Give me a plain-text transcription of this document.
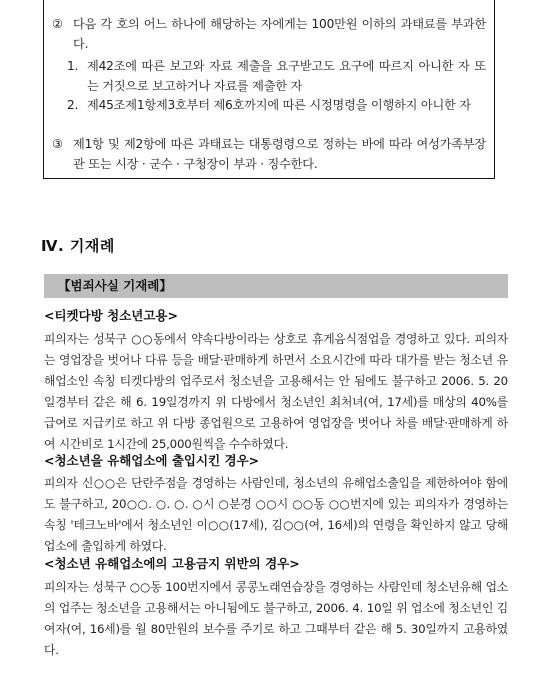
② 다음 각 호의 어느 하나에 해당하는 자에게는 100만원 이하의 과태료를 부과한다.
1. 제42조에 따른 보고와 자료 제출을 요구받고도 요구에 따르지 아니한 자 또는 거짓으로 보고하거나 자료를 제출한 자
2. 제45조제1항제3호부터 제6호까지에 따른 시정명령을 이행하지 아니한 자
③ 제1항 및 제2항에 따른 과태료는 대통령령으로 정하는 바에 따라 여성가족부장관 또는 시장 · 군수 · 구청장이 부과 · 징수한다.
Ⅳ. 기재례
【범죄사실 기재례】
<티켓다방 청소년고용>

피의자는 성북구 ○○동에서 약속다방이라는 상호로 휴게음식점업을 경영하고 있다. 피의자는 영업장을 벗어나 다류 등을 배달·판매하게 하면서 소요시간에 따라 대가를 받는 청소년 유해업소인 속칭 티켓다방의 업주로서 청소년을 고용해서는 안 됨에도 불구하고 2006. 5. 20일경부터 같은 해 6. 19일경까지 위 다방에서 청소년인 최처녀(여, 17세)를 매상의 40%를 급여로 지급키로 하고 위 다방 종업원으로 고용하여 영업장을 벗어나 차를 배달·판매하게 하여 시간비로 1시간에 25,000원씩을 수수하였다.

<청소년을 유해업소에 출입시킨 경우>

피의자 신○○은 단란주점을 경영하는 사람인데, 청소년의 유해업소출입을 제한하여야 함에도 불구하고, 20○○. ○. ○. ○시 ○분경 ○○시 ○○동 ○○번지에 있는 피의자가 경영하는 속칭 '테크노바'에서 청소년인 이○○(17세), 김○○(여, 16세)의 연령을 확인하지 않고 당해 업소에 출입하게 하였다.

<청소년 유해업소에의 고용금지 위반의 경우>

피의자는 성북구 ○○동 100번지에서 콩콩노래연습장을 경영하는 사람인데 청소년유해 업소의 업주는 청소년을 고용해서는 아니됨에도 불구하고, 2006. 4. 10일 위 업소에 청소년인 김여자(여, 16세)를 월 80만원의 보수를 주기로 하고 그때부터 같은 해 5. 30일까지 고용하였다.
